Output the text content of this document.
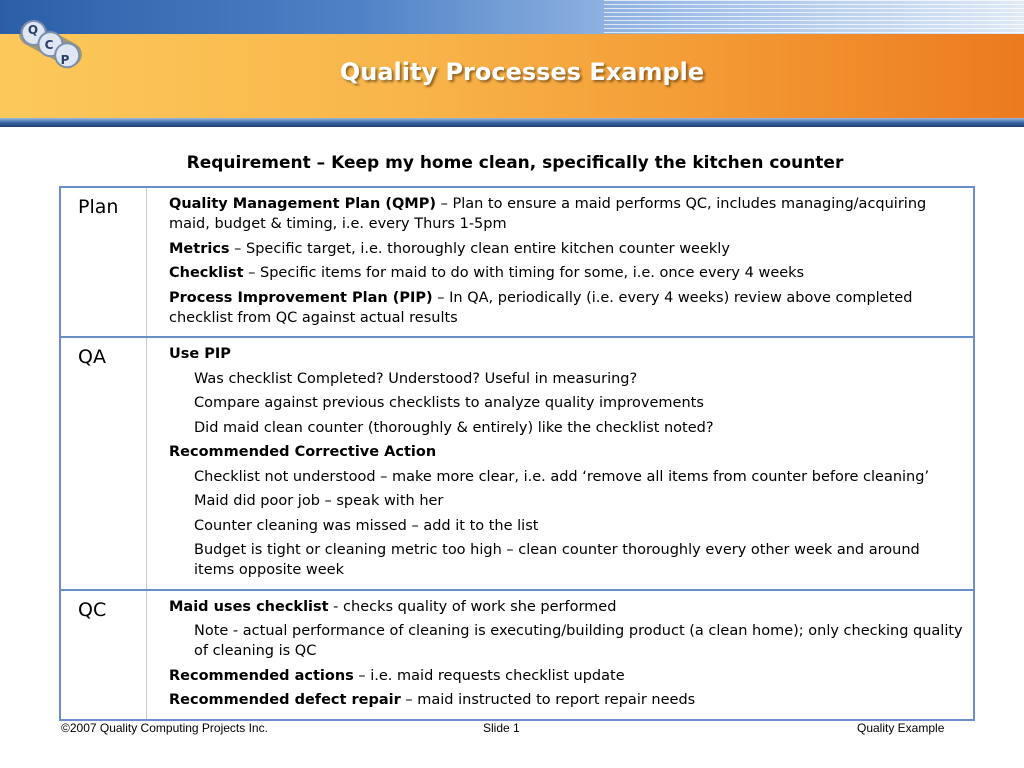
Q
C
P	Quality Processes Example
Requirement – Keep my home clean, specifically the kitchen counter
Plan	Quality Management Plan (QMP) – Plan to ensure a maid performs QC, includes managing/acquiring maid, budget & timing, i.e. every Thurs 1-5pm
Metrics – Specific target, i.e. thoroughly clean entire kitchen counter weekly
Checklist – Specific items for maid to do with timing for some, i.e. once every 4 weeks
Process Improvement Plan (PIP) – In QA, periodically (i.e. every 4 weeks) review above completed checklist from QC against actual results
QA	Use PIP
Was checklist Completed? Understood? Useful in measuring?
Compare against previous checklists to analyze quality improvements
Did maid clean counter (thoroughly & entirely) like the checklist noted?
Recommended Corrective Action
Checklist not understood – make more clear, i.e. add ‘remove all items from counter before cleaning’
Maid did poor job – speak with her
Counter cleaning was missed – add it to the list
Budget is tight or cleaning metric too high – clean counter thoroughly every other week and around items opposite week
QC	Maid uses checklist - checks quality of work she performed
Note - actual performance of cleaning is executing/building product (a clean home); only checking quality of cleaning is QC
Recommended actions – i.e. maid requests checklist update
Recommended defect repair – maid instructed to report repair needs
©2007 Quality Computing Projects Inc.	Slide 1	Quality Example
